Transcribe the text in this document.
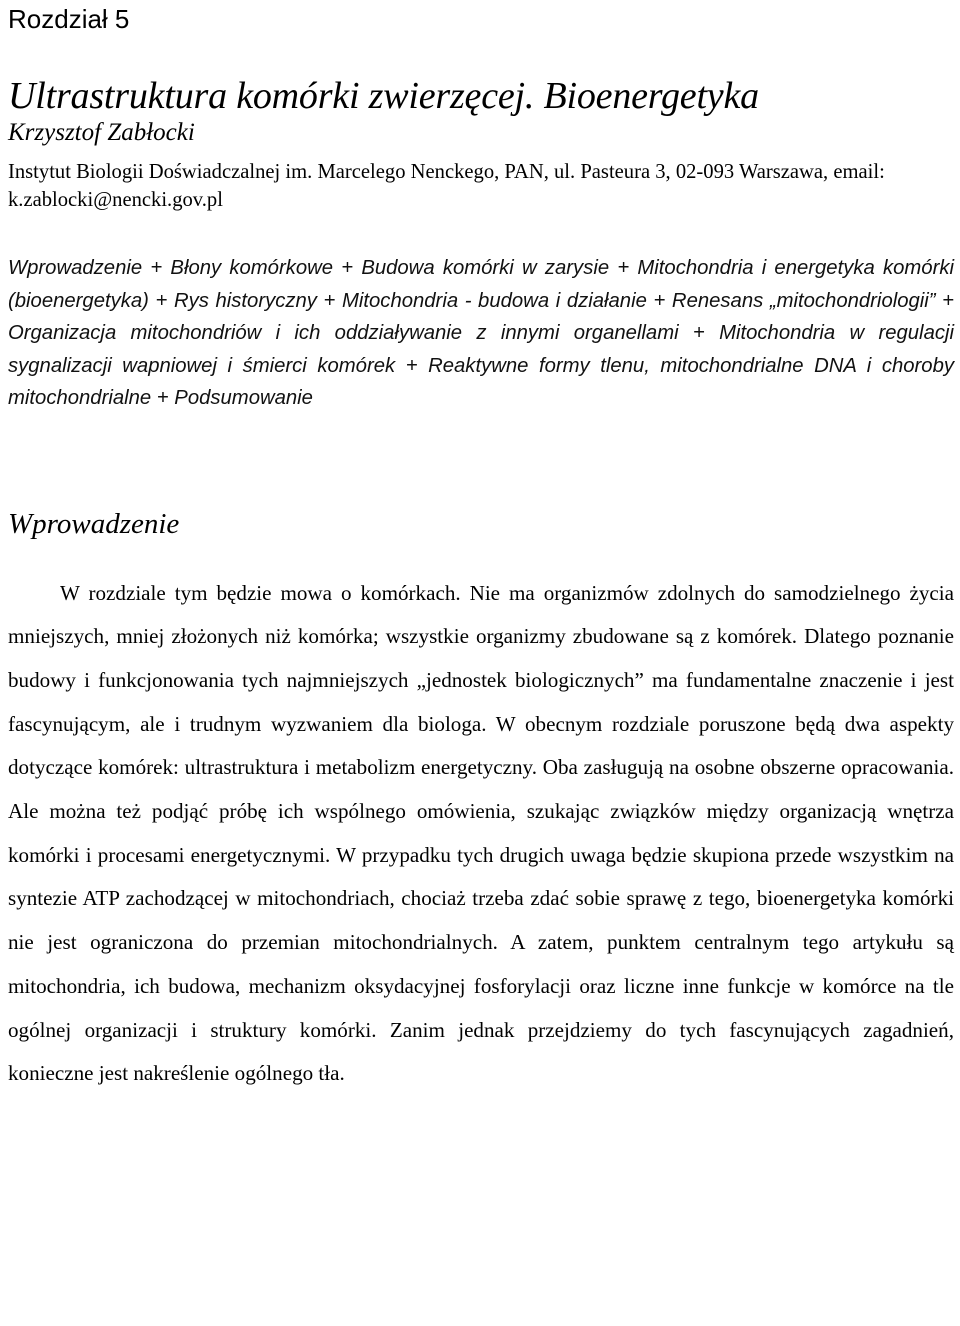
Rozdział 5
Ultrastruktura komórki zwierzęcej. Bioenergetyka
Krzysztof Zabłocki
Instytut Biologii Doświadczalnej im. Marcelego Nenckego, PAN, ul. Pasteura 3, 02-093 Warszawa, email: k.zablocki@nencki.gov.pl

Wprowadzenie + Błony komórkowe + Budowa komórki w zarysie + Mitochondria i energetyka komórki (bioenergetyka) + Rys historyczny + Mitochondria - budowa i działanie + Renesans „mitochondriologii” + Organizacja mitochondriów i ich oddziaływanie z innymi organellami + Mitochondria w regulacji sygnalizacji wapniowej i śmierci komórek + Reaktywne formy tlenu, mitochondrialne DNA i choroby mitochondrialne + Podsumowanie

Wprowadzenie

W rozdziale tym będzie mowa o komórkach. Nie ma organizmów zdolnych do samodzielnego życia mniejszych, mniej złożonych niż komórka; wszystkie organizmy zbudowane są z komórek. Dlatego poznanie budowy i funkcjonowania tych najmniejszych „jednostek biologicznych” ma fundamentalne znaczenie i jest fascynującym, ale i trudnym wyzwaniem dla biologa. W obecnym rozdziale poruszone będą dwa aspekty dotyczące komórek: ultrastruktura i metabolizm energetyczny. Oba zasługują na osobne obszerne opracowania. Ale można też podjąć próbę ich wspólnego omówienia, szukając związków między organizacją wnętrza komórki i procesami energetycznymi. W przypadku tych drugich uwaga będzie skupiona przede wszystkim na syntezie ATP zachodzącej w mitochondriach, chociaż trzeba zdać sobie sprawę z tego, bioenergetyka komórki nie jest ograniczona do przemian mitochondrialnych. A zatem, punktem centralnym tego artykułu są mitochondria, ich budowa, mechanizm oksydacyjnej fosforylacji oraz liczne inne funkcje w komórce na tle ogólnej organizacji i struktury komórki. Zanim jednak przejdziemy do tych fascynujących zagadnień, konieczne jest nakreślenie ogólnego tła.
